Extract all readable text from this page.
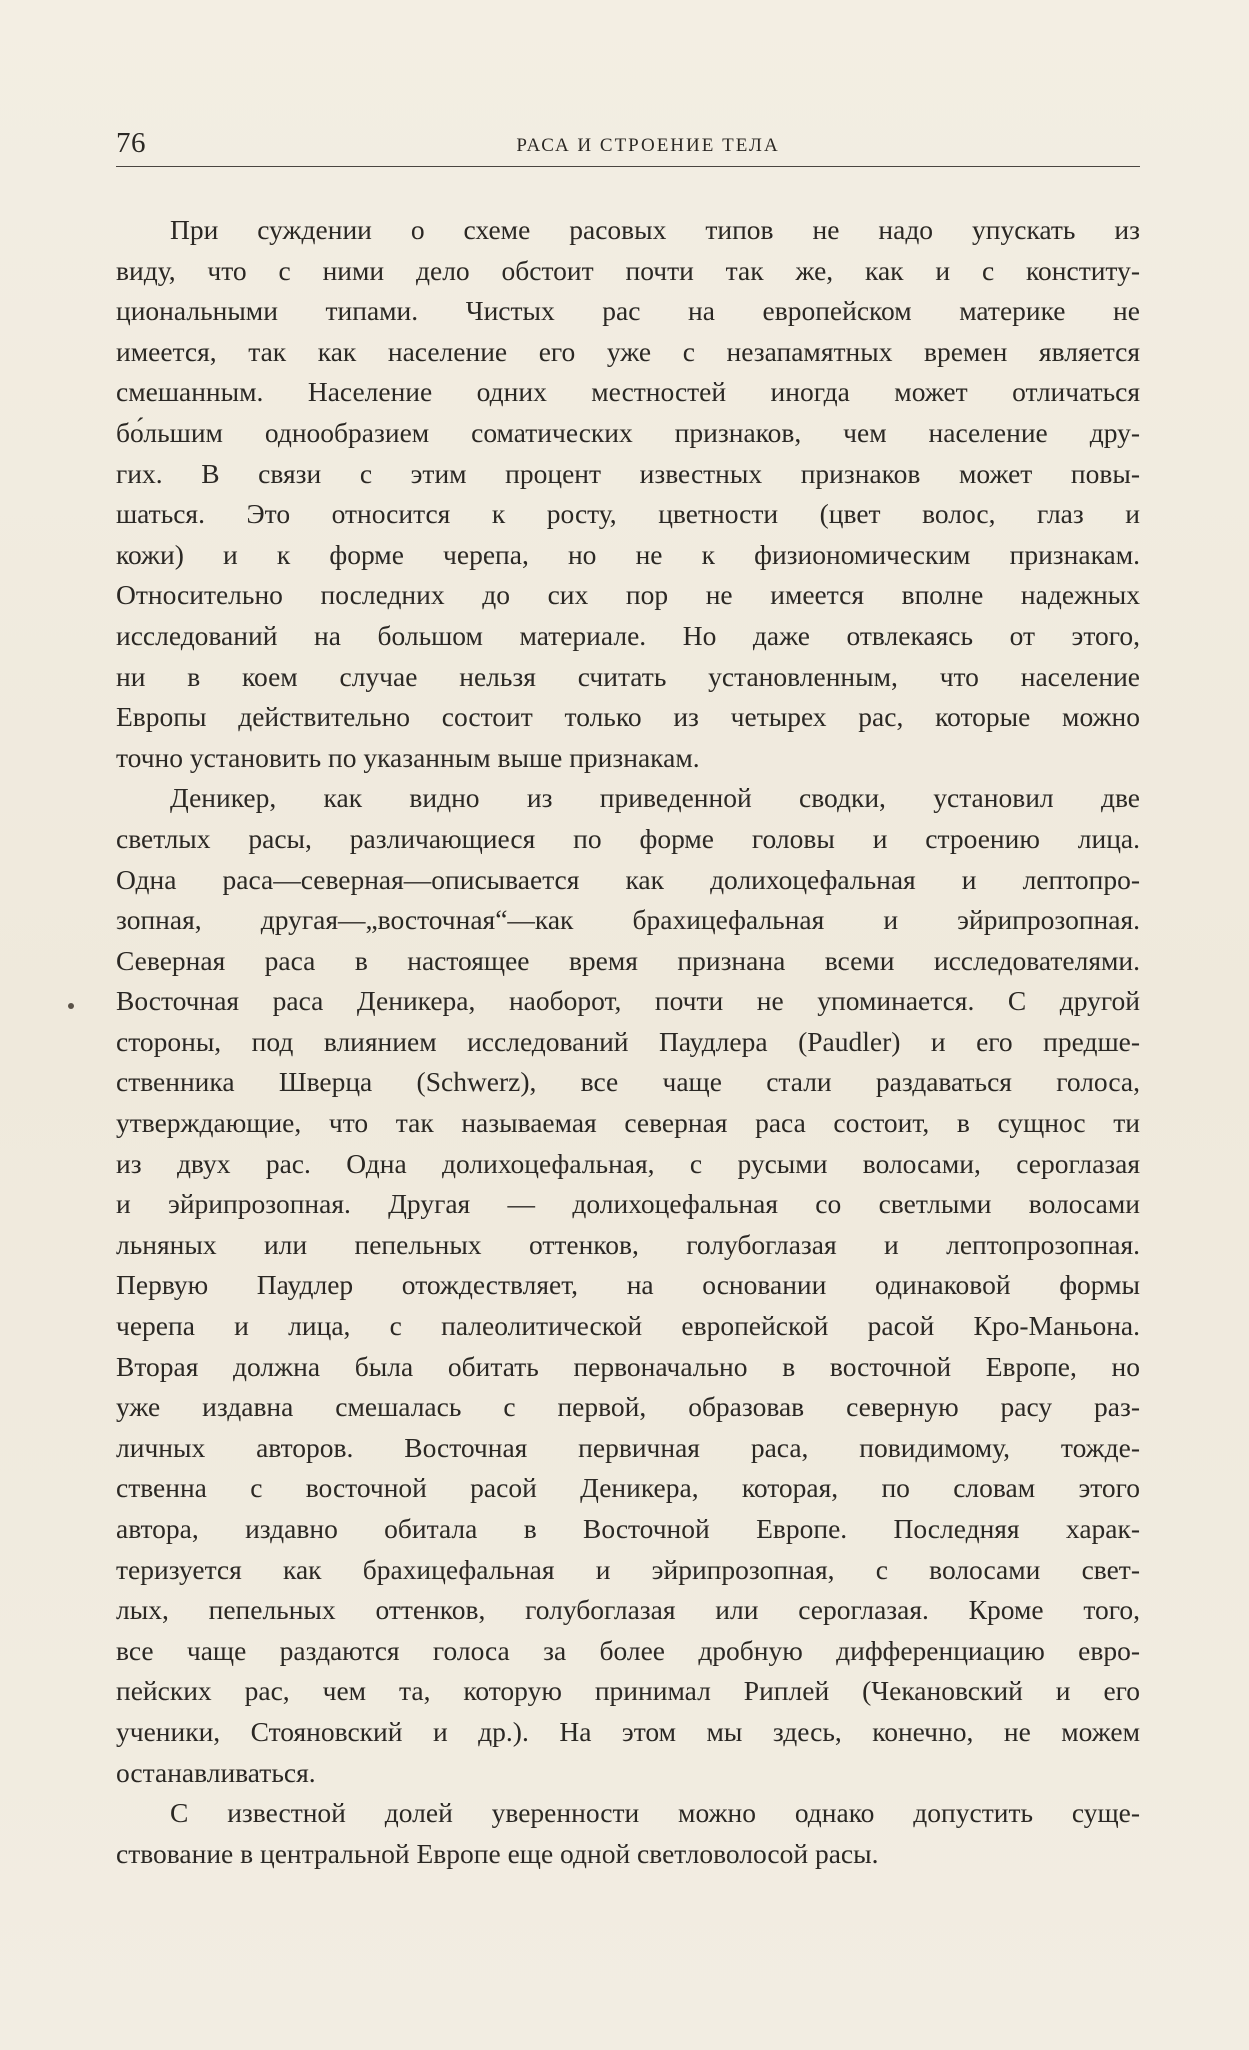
76	РАСА И СТРОЕНИЕ ТЕЛА
При суждении о схеме расовых типов не надо упускать из
виду, что с ними дело обстоит почти так же, как и с конститу-
циональными типами. Чистых рас на европейском материке не
имеется, так как население его уже с незапамятных времен является
смешанным. Население одних местностей иногда может отличаться
бо́льшим однообразием соматических признаков, чем население дру-
гих. В связи с этим процент известных признаков может повы-
шаться. Это относится к росту, цветности (цвет волос, глаз и
кожи) и к форме черепа, но не к физиономическим признакам.
Относительно последних до сих пор не имеется вполне надежных
исследований на большом материале. Но даже отвлекаясь от этого,
ни в коем случае нельзя считать установленным, что население
Европы действительно состоит только из четырех рас, которые можно
точно установить по указанным выше признакам.
Деникер, как видно из приведенной сводки, установил две
светлых расы, различающиеся по форме головы и строению лица.
Одна раса—северная—описывается как долихоцефальная и лептопро-
зопная, другая—„восточная“—как брахицефальная и эйрипрозопная.
Северная раса в настоящее время признана всеми исследователями.
Восточная раса Деникера, наоборот, почти не упоминается. С другой
стороны, под влиянием исследований Паудлера (Paudler) и его предше-
ственника Шверца (Schwerz), все чаще стали раздаваться голоса,
утверждающие, что так называемая северная раса состоит, в сущнос ти
из двух рас. Одна долихоцефальная, с русыми волосами, сероглазая
и эйрипрозопная. Другая — долихоцефальная со светлыми волосами
льняных или пепельных оттенков, голубоглазая и лептопрозопная.
Первую Паудлер отождествляет, на основании одинаковой формы
черепа и лица, с палеолитической европейской расой Кро-Маньона.
Вторая должна была обитать первоначально в восточной Европе, но
уже издавна смешалась с первой, образовав северную расу раз-
личных авторов. Восточная первичная раса, повидимому, тожде-
ственна с восточной расой Деникера, которая, по словам этого
автора, издавно обитала в Восточной Европе. Последняя харак-
теризуется как брахицефальная и эйрипрозопная, с волосами свет-
лых, пепельных оттенков, голубоглазая или сероглазая. Кроме того,
все чаще раздаются голоса за более дробную дифференциацию евро-
пейских рас, чем та, которую принимал Риплей (Чекановский и его
ученики, Стояновский и др.). На этом мы здесь, конечно, не можем
останавливаться.
С известной долей уверенности можно однако допустить суще-
ствование в центральной Европе еще одной светловолосой расы.
